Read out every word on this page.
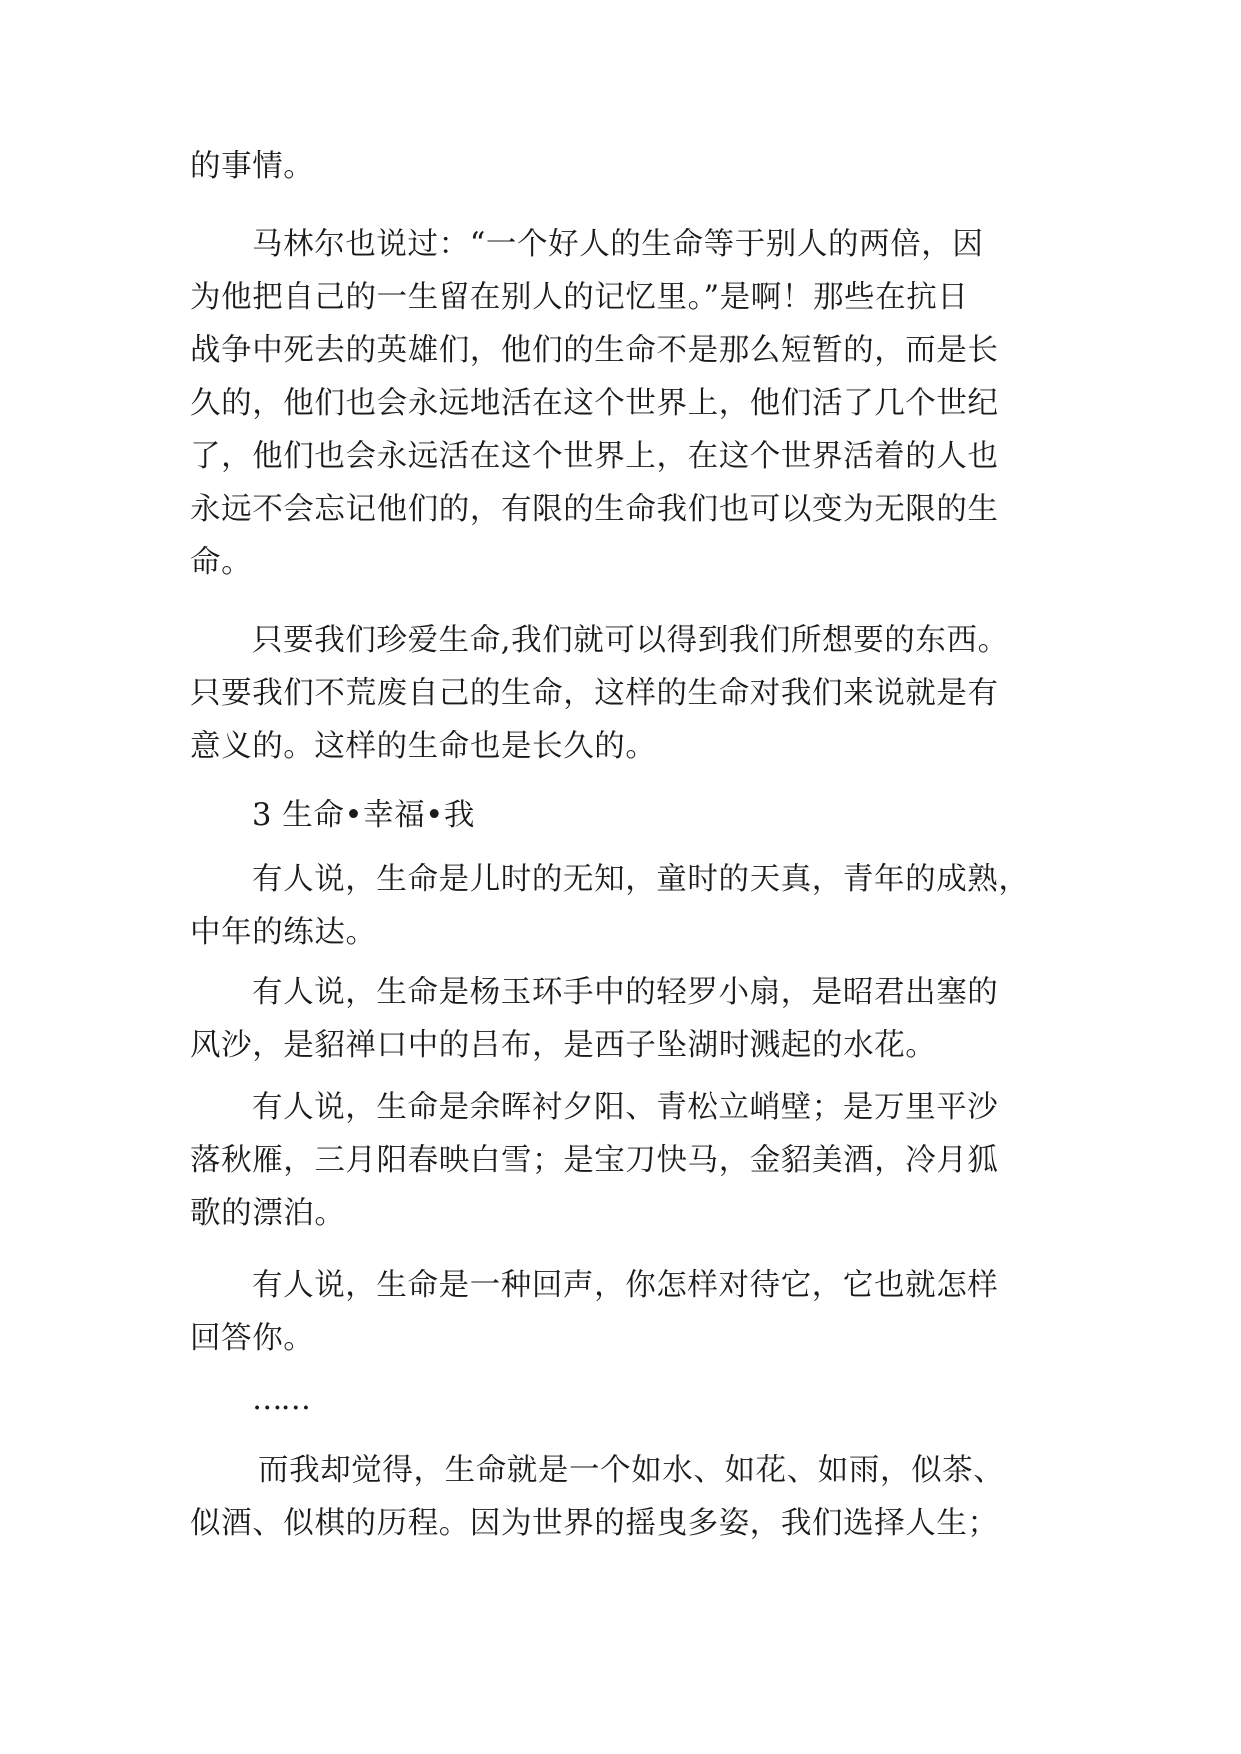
的事情。
马林尔也说过：“一个好人的生命等于别人的两倍，因
为他把自己的一生留在别人的记忆里。”是啊！那些在抗日
战争中死去的英雄们，他们的生命不是那么短暂的，而是长
久的，他们也会永远地活在这个世界上，他们活了几个世纪
了，他们也会永远活在这个世界上，在这个世界活着的人也
永远不会忘记他们的，有限的生命我们也可以变为无限的生
命。
只要我们珍爱生命,我们就可以得到我们所想要的东西。
只要我们不荒废自己的生命，这样的生命对我们来说就是有
意义的。这样的生命也是长久的。
3 生命•幸福•我
有人说，生命是儿时的无知，童时的天真，青年的成熟，
中年的练达。
有人说，生命是杨玉环手中的轻罗小扇，是昭君出塞的
风沙，是貂禅口中的吕布，是西子坠湖时溅起的水花。
有人说，生命是余晖衬夕阳、青松立峭壁；是万里平沙
落秋雁，三月阳春映白雪；是宝刀快马，金貂美酒，冷月狐
歌的漂泊。
有人说，生命是一种回声，你怎样对待它，它也就怎样
回答你。
……
而我却觉得，生命就是一个如水、如花、如雨，似茶、
似酒、似棋的历程。因为世界的摇曳多姿，我们选择人生；
